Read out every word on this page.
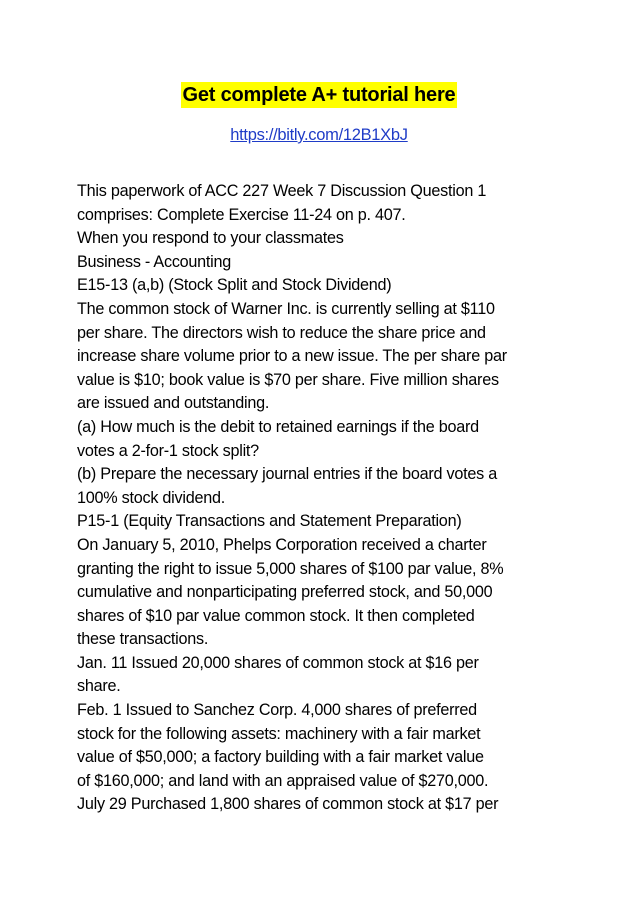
Get complete A+ tutorial here
https://bitly.com/12B1XbJ
This paperwork of ACC 227 Week 7 Discussion Question 1
comprises: Complete Exercise 11-24 on p. 407.
When you respond to your classmates
Business - Accounting
E15-13 (a,b) (Stock Split and Stock Dividend)
The common stock of Warner Inc. is currently selling at $110
per share. The directors wish to reduce the share price and
increase share volume prior to a new issue. The per share par
value is $10; book value is $70 per share. Five million shares
are issued and outstanding.
(a) How much is the debit to retained earnings if the board
votes a 2-for-1 stock split?
(b) Prepare the necessary journal entries if the board votes a
100% stock dividend.
P15-1 (Equity Transactions and Statement Preparation)
On January 5, 2010, Phelps Corporation received a charter
granting the right to issue 5,000 shares of $100 par value, 8%
cumulative and nonparticipating preferred stock, and 50,000
shares of $10 par value common stock. It then completed
these transactions.
Jan. 11 Issued 20,000 shares of common stock at $16 per
share.
Feb. 1 Issued to Sanchez Corp. 4,000 shares of preferred
stock for the following assets: machinery with a fair market
value of $50,000; a factory building with a fair market value
of $160,000; and land with an appraised value of $270,000.
July 29 Purchased 1,800 shares of common stock at $17 per
